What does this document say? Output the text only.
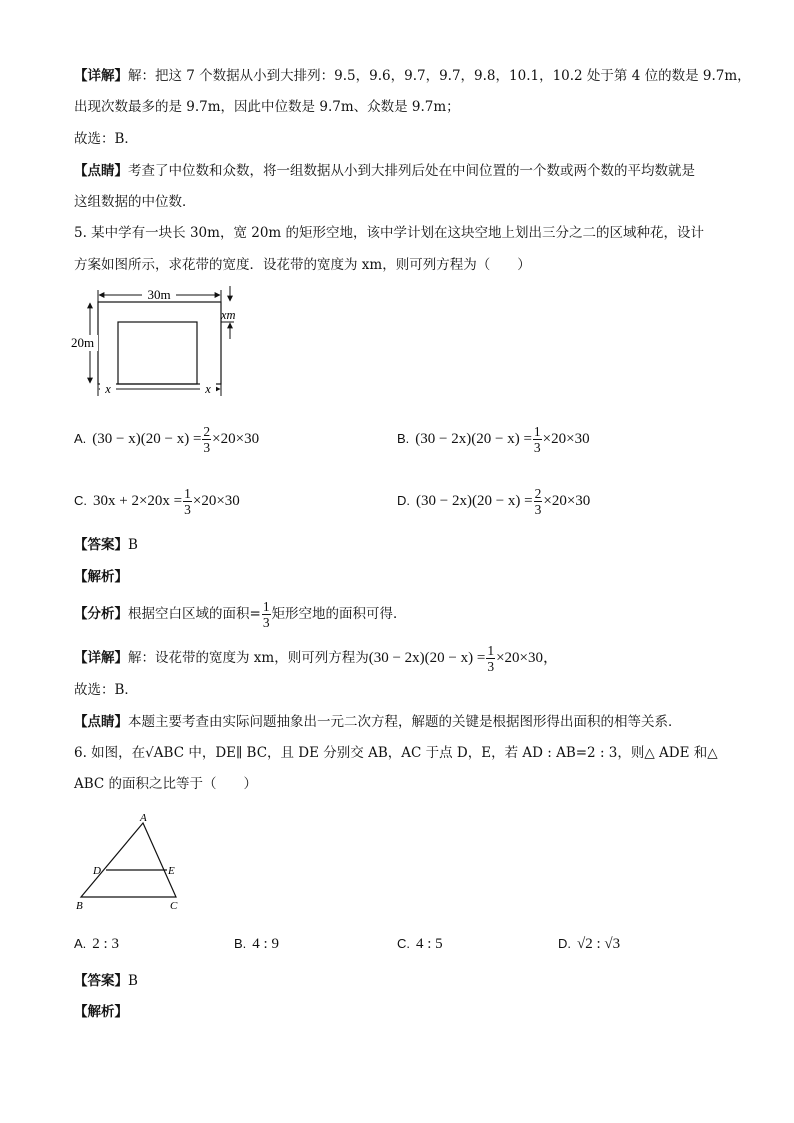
【详解】解：把这 7 个数据从小到大排列：9.5，9.6，9.7，9.7，9.8，10.1，10.2 处于第 4 位的数是 9.7m，
出现次数最多的是 9.7m，因此中位数是 9.7m、众数是 9.7m；
故选：B．
【点睛】考查了中位数和众数，将一组数据从小到大排列后处在中间位置的一个数或两个数的平均数就是
这组数据的中位数．
5. 某中学有一块长 30m，宽 20m 的矩形空地，该中学计划在这块空地上划出三分之二的区域种花，设计
方案如图所示，求花带的宽度．设花带的宽度为 xm，则可列方程为（　　）
30m
20m
xm
x	x
A. $(30 - x)(20 - x) = \frac{2}{3} \times 20\times 30$	B. $(30 - 2x)(20 - x) = \frac{1}{3} \times 20\times 30$
C. $30x + 2\times 20x = \frac{1}{3} \times 20\times 30$	D. $(30 - 2x)(20 - x) = \frac{2}{3} \times 20\times 30$
【答案】B
【解析】
【分析】根据空白区域的面积= $\frac{1}{3}$ 矩形空地的面积可得．
【详解】解：设花带的宽度为 xm，则可列方程为$(30 - 2x)(20 - x) = \frac{1}{3} \times 20\times 30$，
故选：B．
【点睛】本题主要考查由实际问题抽象出一元二次方程，解题的关键是根据图形得出面积的相等关系．
6. 如图，在√ABC 中，DE∥ BC，且 DE 分别交 AB，AC 于点 D，E，若 AD : AB=2 : 3，则△ ADE 和△
ABC 的面积之比等于（　　）
A
D	E
B	C
A. 2 : 3	B. 4 : 9	C. 4 : 5	D. √2 : √3
【答案】B
【解析】
